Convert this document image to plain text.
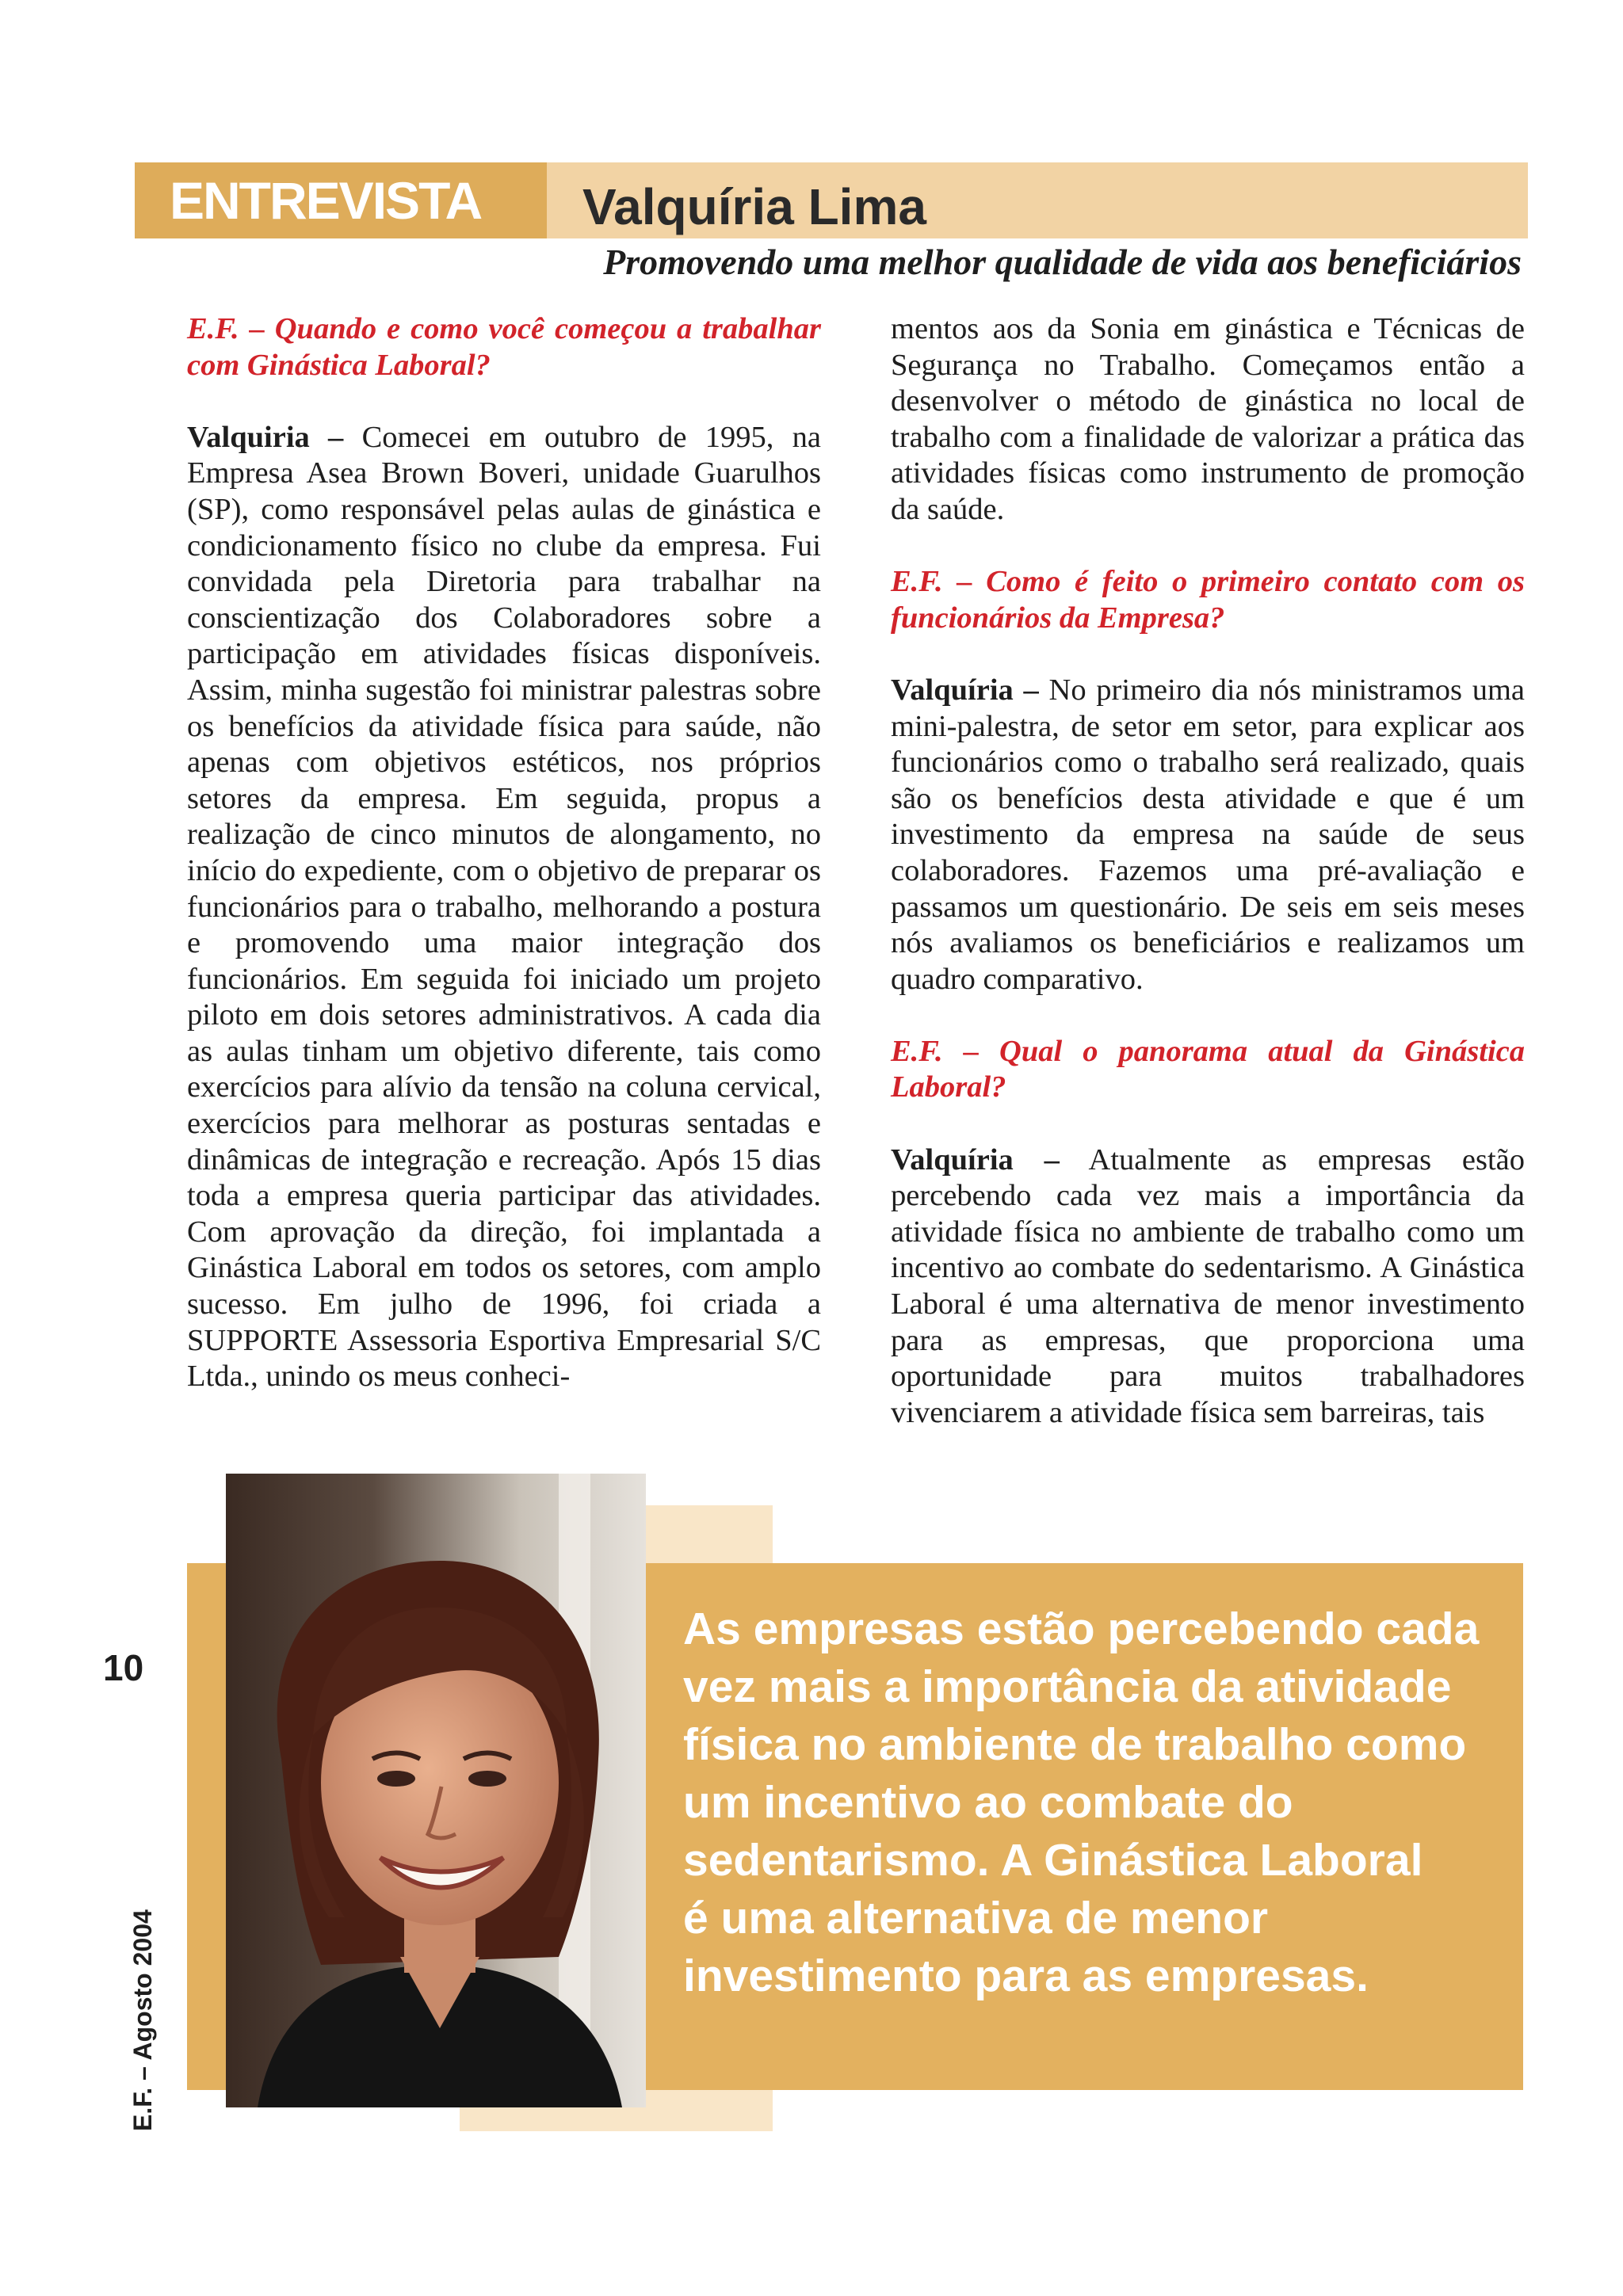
ENTREVISTA	Valquíria Lima
Promovendo uma melhor qualidade de vida aos beneficiários

E.F. – Quando e como você começou a trabalhar com Ginástica Laboral?

Valquiria – Comecei em outubro de 1995, na Empresa Asea Brown Boveri, unidade Guarulhos (SP), como responsável pelas aulas de ginástica e condicionamento físico no clube da empresa. Fui convidada pela Diretoria para trabalhar na conscientização dos Colaboradores sobre a participação em atividades físicas disponíveis. Assim, minha sugestão foi ministrar palestras sobre os benefícios da atividade física para saúde, não apenas com objetivos estéticos, nos próprios setores da empresa. Em seguida, propus a realização de cinco minutos de alongamento, no início do expediente, com o objetivo de preparar os funcionários para o trabalho, melhorando a postura e promovendo uma maior integração dos funcionários. Em seguida foi iniciado um projeto piloto em dois setores administrativos. A cada dia as aulas tinham um objetivo diferente, tais como exercícios para alívio da tensão na coluna cervical, exercícios para melhorar as posturas sentadas e dinâmicas de integração e recreação. Após 15 dias toda a empresa queria participar das atividades. Com aprovação da direção, foi implantada a Ginástica Laboral em todos os setores, com amplo sucesso. Em julho de 1996, foi criada a SUPPORTE Assessoria Esportiva Empresarial S/C Ltda., unindo os meus conheci-

mentos aos da Sonia em ginástica e Técnicas de Segurança no Trabalho. Começamos então a desenvolver o método de ginástica no local de trabalho com a finalidade de valorizar a prática das atividades físicas como instrumento de promoção da saúde.

E.F. – Como é feito o primeiro contato com os funcionários da Empresa?

Valquíria – No primeiro dia nós ministramos uma mini-palestra, de setor em setor, para explicar aos funcionários como o trabalho será realizado, quais são os benefícios desta atividade e que é um investimento da empresa na saúde de seus colaboradores. Fazemos uma pré-avaliação e passamos um questionário. De seis em seis meses nós avaliamos os beneficiários e realizamos um quadro comparativo.

E.F. – Qual o panorama atual da Ginástica Laboral?

Valquíria – Atualmente as empresas estão percebendo cada vez mais a importância da atividade física no ambiente de trabalho como um incentivo ao combate do sedentarismo. A Ginástica Laboral é uma alternativa de menor investimento para as empresas, que proporciona uma oportunidade para muitos trabalhadores vivenciarem a atividade física sem barreiras, tais

As empresas estão percebendo cada
vez mais a importância da atividade
física no ambiente de trabalho como
um incentivo ao combate do
sedentarismo. A Ginástica Laboral
é uma alternativa de menor
investimento para as empresas.
10
E.F. – Agosto 2004
